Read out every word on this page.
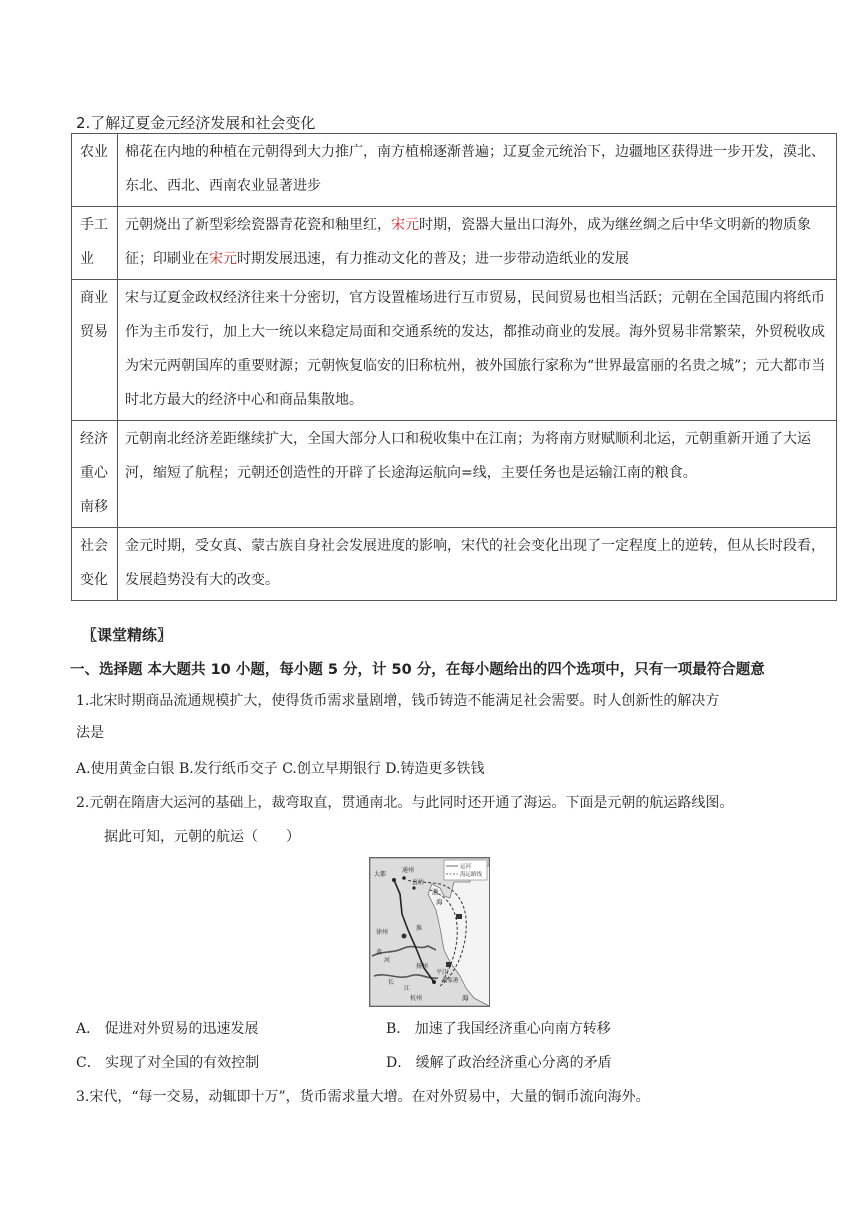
2.了解辽夏金元经济发展和社会变化
农业	棉花在内地的种植在元朝得到大力推广，南方植棉逐渐普遍；辽夏金元统治下，边疆地区获得进一步开发，漠北、东北、西北、西南农业显著进步
手工业	元朝烧出了新型彩绘瓷器青花瓷和釉里红，宋元时期，瓷器大量出口海外，成为继丝绸之后中华文明新的物质象征；印刷业在宋元时期发展迅速，有力推动文化的普及；进一步带动造纸业的发展
商业贸易	宋与辽夏金政权经济往来十分密切，官方设置榷场进行互市贸易，民间贸易也相当活跃；元朝在全国范围内将纸币作为主币发行，加上大一统以来稳定局面和交通系统的发达，都推动商业的发展。海外贸易非常繁荣，外贸税收成为宋元两朝国库的重要财源；元朝恢复临安的旧称杭州，被外国旅行家称为“世界最富丽的名贵之城”；元大都市当时北方最大的经济中心和商品集散地。
经济重心南移	元朝南北经济差距继续扩大，全国大部分人口和税收集中在江南；为将南方财赋顺利北运，元朝重新开通了大运河，缩短了航程；元朝还创造性的开辟了长途海运航向=线，主要任务也是运输江南的粮食。
社会变化	金元时期，受女真、蒙古族自身社会发展进度的影响，宋代的社会变化出现了一定程度上的逆转，但从长时段看，发展趋势没有大的改变。
〖课堂精练〗
一、选择题 本大题共 10 小题，每小题 5 分，计 50 分，在每小题给出的四个选项中，只有一项最符合题意
1.北宋时期商品流通规模扩大，使得货币需求量剧增，钱币铸造不能满足社会需要。时人创新性的解决方
法是
A.使用黄金白银 B.发行纸币交子 C.创立早期银行 D.铸造更多铁钱
2.元朝在隋唐大运河的基础上，裁弯取直，贯通南北。与此同时还开通了海运。下面是元朝的航运路线图。
据此可知，元朝的航运（　　）
运河
海运路线
大都
通州
直沽
渤
海
徐州
淮
黄
河
长
江
扬州
平江
刘家港
杭州	海
A． 促进对外贸易的迅速发展	B． 加速了我国经济重心向南方转移
C． 实现了对全国的有效控制	D． 缓解了政治经济重心分离的矛盾
3.宋代，“每一交易，动辄即十万”，货币需求量大增。在对外贸易中，大量的铜币流向海外。
